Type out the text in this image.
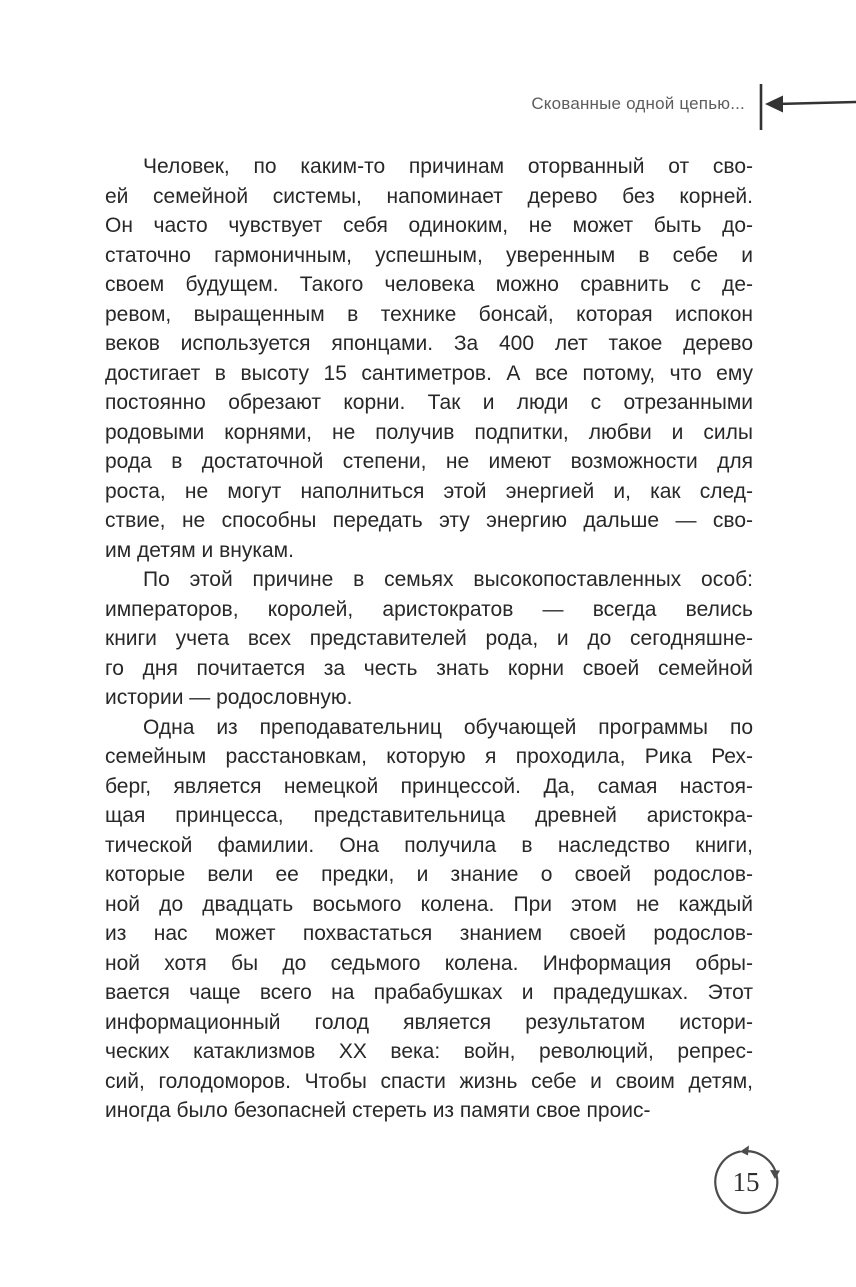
Скованные одной цепью...
Человек, по каким-то причинам оторванный от сво-
ей семейной системы, напоминает дерево без корней.
Он часто чувствует себя одиноким, не может быть до-
статочно гармоничным, успешным, уверенным в себе и
своем будущем. Такого человека можно сравнить с де-
ревом, выращенным в технике бонсай, которая испокон
веков используется японцами. За 400 лет такое дерево
достигает в высоту 15 сантиметров. А все потому, что ему
постоянно обрезают корни. Так и люди с отрезанными
родовыми корнями, не получив подпитки, любви и силы
рода в достаточной степени, не имеют возможности для
роста, не могут наполниться этой энергией и, как след-
ствие, не способны передать эту энергию дальше — сво-
им детям и внукам.
По этой причине в семьях высокопоставленных особ:
императоров, королей, аристократов — всегда велись
книги учета всех представителей рода, и до сегодняшне-
го дня почитается за честь знать корни своей семейной
истории — родословную.
Одна из преподавательниц обучающей программы по
семейным расстановкам, которую я проходила, Рика Рех-
берг, является немецкой принцессой. Да, самая настоя-
щая принцесса, представительница древней аристокра-
тической фамилии. Она получила в наследство книги,
которые вели ее предки, и знание о своей родослов-
ной до двадцать восьмого колена. При этом не каждый
из нас может похвастаться знанием своей родослов-
ной хотя бы до седьмого колена. Информация обры-
вается чаще всего на прабабушках и прадедушках. Этот
информационный голод является результатом истори-
ческих катаклизмов XX века: войн, революций, репрес-
сий, голодоморов. Чтобы спасти жизнь себе и своим детям,
иногда было безопасней стереть из памяти свое проис-
15
